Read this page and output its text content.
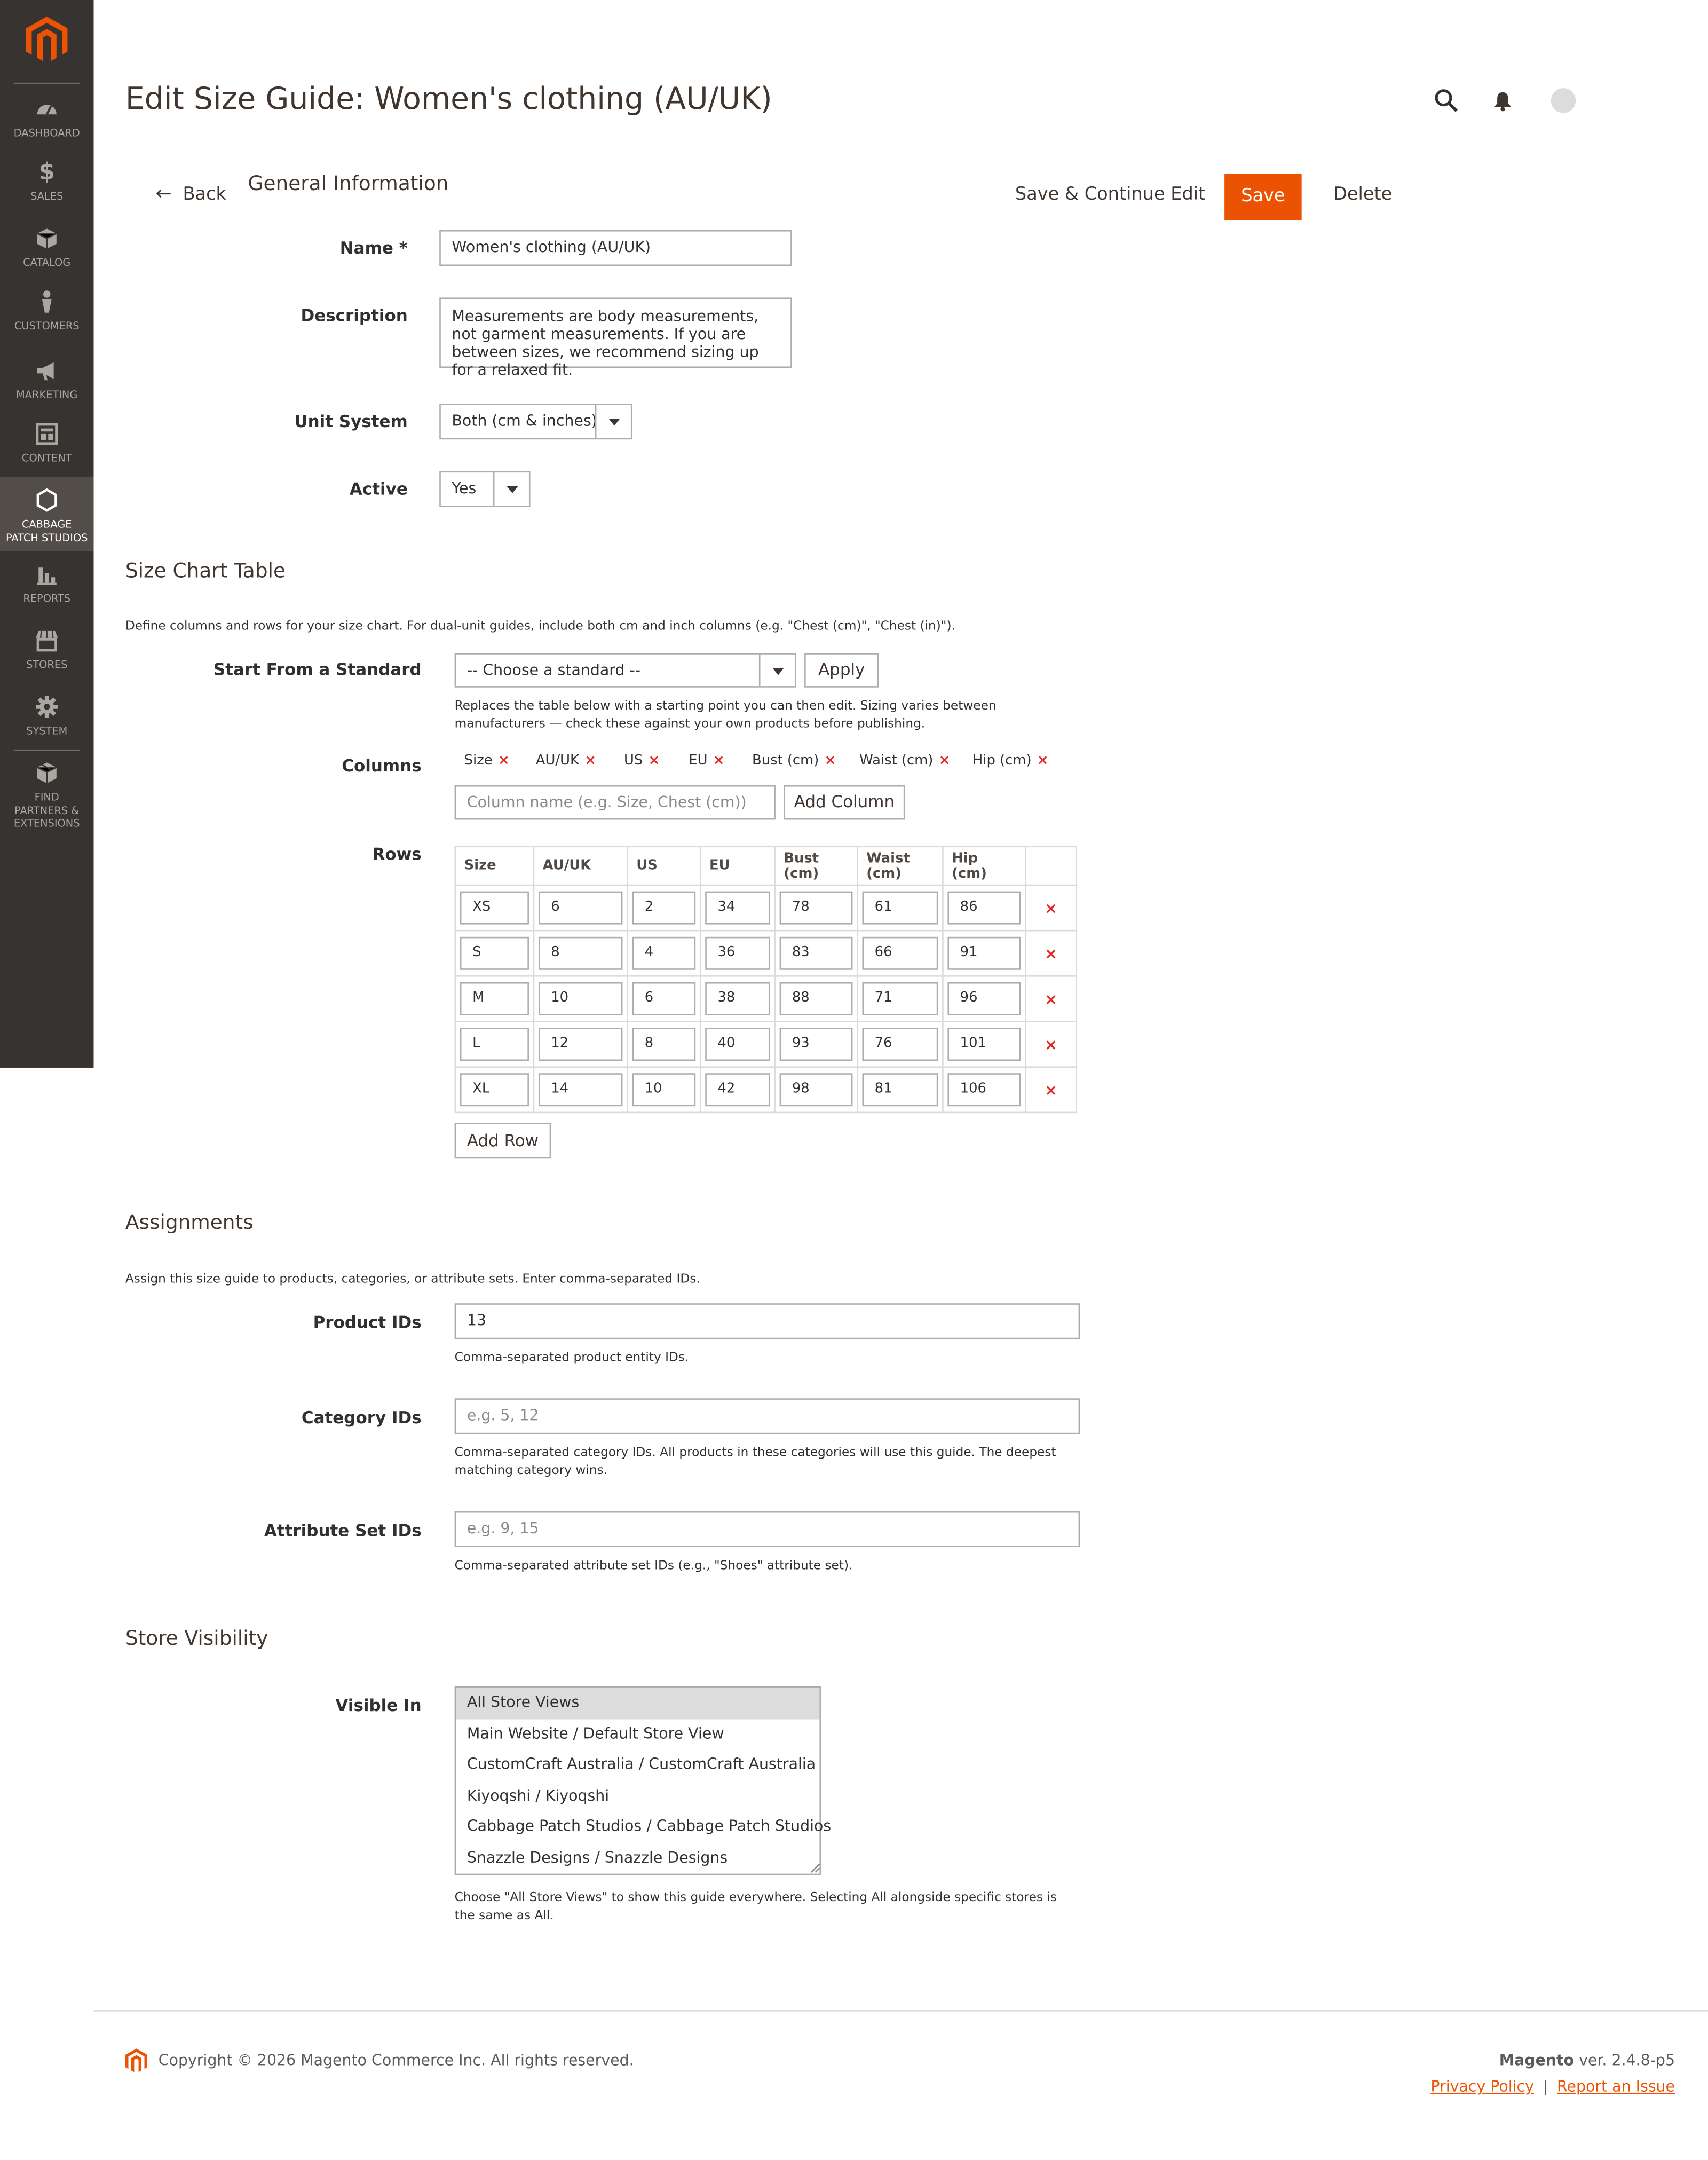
DASHBOARD
$
SALES
CATALOG
CUSTOMERS
MARKETING
CONTENT
CABBAGE
PATCH STUDIOS
REPORTS
STORES
SYSTEM
FIND
PARTNERS &
EXTENSIONS
Edit Size Guide: Women's clothing (AU/UK)
← Back	General Information	Save & Continue Edit	Save	Delete
Name *	Women's clothing (AU/UK)
Description	Measurements are body measurements, not garment measurements. If you are between sizes, we recommend sizing up for a relaxed fit.
Unit System	Both (cm & inches)
Active	Yes
Size Chart Table
Define columns and rows for your size chart. For dual-unit guides, include both cm and inch columns (e.g. "Chest (cm)", "Chest (in)").
Start From a Standard	-- Choose a standard --	Apply
Replaces the table below with a starting point you can then edit. Sizing varies between manufacturers — check these against your own products before publishing.
Columns	Size ×	AU/UK ×	US ×	EU ×	Bust (cm) ×	Waist (cm) ×	Hip (cm) ×
Column name (e.g. Size, Chest (cm))	Add Column
Rows
Size	AU/UK	US	EU	Bust (cm)	Waist (cm)	Hip (cm)	

XS	6	2	34	78	61	86	×

S	8	4	36	83	66	91	×

M	10	6	38	88	71	96	×

L	12	8	40	93	76	101	×

XL	14	10	42	98	81	106	×
Add Row
Assignments
Assign this size guide to products, categories, or attribute sets. Enter comma-separated IDs.
Product IDs	13
Comma-separated product entity IDs.
Category IDs	e.g. 5, 12
Comma-separated category IDs. All products in these categories will use this guide. The deepest matching category wins.
Attribute Set IDs	e.g. 9, 15
Comma-separated attribute set IDs (e.g., "Shoes" attribute set).
Store Visibility
Visible In	All Store Views
Main Website / Default Store View
CustomCraft Australia / CustomCraft Australia
Kiyoqshi / Kiyoqshi
Cabbage Patch Studios / Cabbage Patch Studios
Snazzle Designs / Snazzle Designs
Choose "All Store Views" to show this guide everywhere. Selecting All alongside specific stores is the same as All.
Copyright © 2026 Magento Commerce Inc. All rights reserved.	Magento ver. 2.4.8-p5
Privacy Policy | Report an Issue
